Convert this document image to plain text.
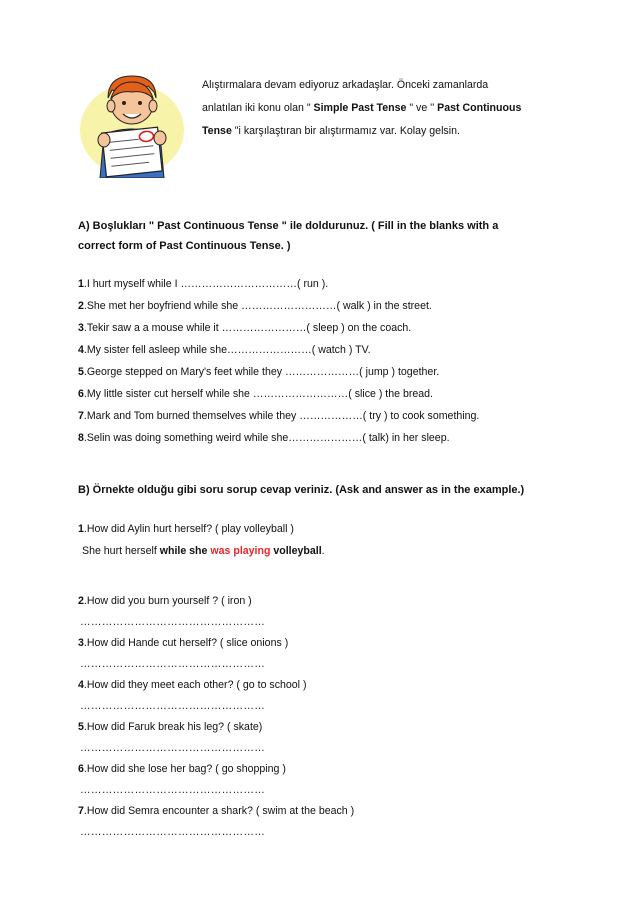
Alıştırmalara devam ediyoruz arkadaşlar. Önceki zamanlarda
anlatılan iki konu olan " Simple Past Tense " ve '' Past Continuous
Tense "i karşılaştıran bir alıştırmamız var. Kolay gelsin.
A) Boşlukları " Past Continuous Tense " ile doldurunuz. ( Fill in the blanks with a
correct form of Past Continuous Tense. )
1.I hurt myself while I ……………………………( run ).
2.She met her boyfriend while she ………………………( walk ) in the street.
3.Tekir saw a a mouse while it ……………………( sleep ) on the coach.
4.My sister fell asleep while she……………………( watch ) TV.
5.George stepped on Mary's feet while they …………………( jump ) together.
6.My little sister cut herself while she ………………………( slice ) the bread.
7.Mark and Tom burned themselves while they ………………( try ) to cook something.
8.Selin was doing something weird while she…………………( talk) in her sleep.
B) Örnekte olduğu gibi soru sorup cevap veriniz. (Ask and answer as in the example.)
1.How did Aylin hurt herself? ( play volleyball )
She hurt herself while she was playing volleyball.
2.How did you burn yourself ? ( iron )
……………………………………………
3.How did Hande cut herself? ( slice onions )
……………………………………………
4.How did they meet each other? ( go to school )
……………………………………………
5.How did Faruk break his leg? ( skate)
……………………………………………
6.How did she lose her bag? ( go shopping )
……………………………………………
7.How did Semra encounter a shark? ( swim at the beach )
……………………………………………
